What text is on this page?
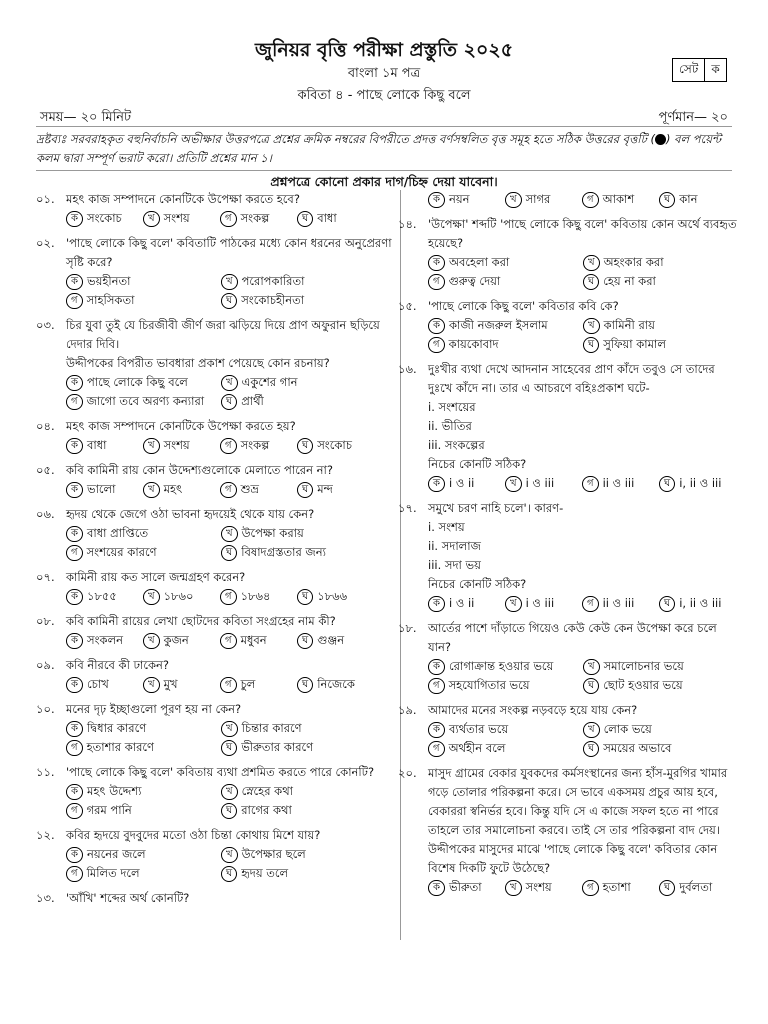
জুনিয়র বৃত্তি পরীক্ষা প্রস্তুতি ২০২৫
বাংলা ১ম পত্র
কবিতা ৪ - পাছে লোকে কিছু বলে
সেট	ক
সময়— ২০ মিনিট	পূর্ণমান— ২০
দ্রষ্টব্যঃ সরবরাহকৃত বহুনির্বাচনি অভীক্ষার উত্তরপত্রে প্রশ্নের ক্রমিক নম্বরের বিপরীতে প্রদত্ত বর্ণসম্বলিত বৃত্ত সমূহ হতে সঠিক উত্তরের বৃত্তটি ( ) বল পয়েন্ট কলম দ্বারা সম্পূর্ণ ভরাট করো। প্রতিটি প্রশ্নের মান ১।
প্রশ্নপত্রে কোনো প্রকার দাগ/চিহ্ন দেয়া যাবেনা।
০১. মহৎ কাজ সম্পাদনে কোনটিকে উপেক্ষা করতে হবে?
ক সংকোচ	খ সংশয়	গ সংকল্প	ঘ বাধা
০২. 'পাছে লোকে কিছু বলে' কবিতাটি পাঠকের মধ্যে কোন ধরনের অনুপ্রেরণা সৃষ্টি করে?
ক ভয়হীনতা	খ পরোপকারিতা
গ সাহসিকতা	ঘ সংকোচহীনতা
০৩. চির যুবা তুই যে চিরজীবী জীর্ণ জরা ঝড়িয়ে দিয়ে প্রাণ অফুরান ছড়িয়ে দেদার দিবি।
উদ্দীপকের বিপরীত ভাবধারা প্রকাশ পেয়েছে কোন রচনায়?
ক পাছে লোকে কিছু বলে	খ একুশের গান
গ জাগো তবে অরণ্য কন্যারা	ঘ প্রার্থী
০৪. মহৎ কাজ সম্পাদনে কোনটিকে উপেক্ষা করতে হয়?
ক বাধা	খ সংশয়	গ সংকল্প	ঘ সংকোচ
০৫. কবি কামিনী রায় কোন উদ্দেশ্যগুলোকে মেলাতে পারেন না?
ক ভালো	খ মহৎ	গ শুভ্র	ঘ মন্দ
০৬. হৃদয় থেকে জেগে ওঠা ভাবনা হৃদয়েই থেকে যায় কেন?
ক বাধা প্রাপ্তিতে	খ উপেক্ষা করায়
গ সংশয়ের কারণে	ঘ বিষাদগ্রস্ততার জন্য
০৭. কামিনী রায় কত সালে জন্মগ্রহণ করেন?
ক ১৮৫৫	খ ১৮৬০	গ ১৮৬৪	ঘ ১৮৬৬
০৮. কবি কামিনী রায়ের লেখা ছোটদের কবিতা সংগ্রহের নাম কী?
ক সংকলন	খ কুজন	গ মধুবন	ঘ গুঞ্জন
০৯. কবি নীরবে কী ঢাকেন?
ক চোখ	খ মুখ	গ চুল	ঘ নিজেকে
১০. মনের দৃঢ় ইচ্ছাগুলো পূরণ হয় না কেন?
ক দ্বিধার কারণে	খ চিন্তার কারণে
গ হতাশার কারণে	ঘ ভীরুতার কারণে
১১. 'পাছে লোকে কিছু বলে' কবিতায় ব্যথা প্রশমিত করতে পারে কোনটি?
ক মহৎ উদ্দেশ্য	খ স্নেহের কথা
গ গরম পানি	ঘ রাগের কথা
১২. কবির হৃদয়ে বুদবুদের মতো ওঠা চিন্তা কোথায় মিশে যায়?
ক নয়নের জলে	খ উপেক্ষার ছলে
গ মিলিত দলে	ঘ হৃদয় তলে
১৩. 'আঁখি' শব্দের অর্থ কোনটি?
ক নয়ন	খ সাগর	গ আকাশ	ঘ কান
১৪. 'উপেক্ষা' শব্দটি 'পাছে লোকে কিছু বলে' কবিতায় কোন অর্থে ব্যবহৃত হয়েছে?
ক অবহেলা করা	খ অহংকার করা
গ গুরুত্ব দেয়া	ঘ হেয় না করা
১৫. 'পাছে লোকে কিছু বলে' কবিতার কবি কে?
ক কাজী নজরুল ইসলাম	খ কামিনী রায়
গ কায়কোবাদ	ঘ সুফিয়া কামাল
১৬. দুঃখীর ব্যথা দেখে আদনান সাহেবের প্রাণ কাঁদে তবুও সে তাদের দুঃখে কাঁদে না। তার এ আচরণে বহিঃপ্রকাশ ঘটে-
i. সংশয়ের
ii. ভীতির
iii. সংকল্পের
নিচের কোনটি সঠিক?
ক i ও ii	খ i ও iii	গ ii ও iii	ঘ i, ii ও iii
১৭. সমুখে চরণ নাহি চলে'। কারণ-
i. সংশয়
ii. সদালাজ
iii. সদা ভয়
নিচের কোনটি সঠিক?
ক i ও ii	খ i ও iii	গ ii ও iii	ঘ i, ii ও iii
১৮. আর্তের পাশে দাঁড়াতে গিয়েও কেউ কেউ কেন উপেক্ষা করে চলে যান?
ক রোগাক্রান্ত হওয়ার ভয়ে	খ সমালোচনার ভয়ে
গ সহযোগিতার ভয়ে	ঘ ছোট হওয়ার ভয়ে
১৯. আমাদের মনের সংকল্প নড়বড়ে হয়ে যায় কেন?
ক ব্যর্থতার ভয়ে	খ লোক ভয়ে
গ অর্থহীন বলে	ঘ সময়ের অভাবে
২০. মাসুদ গ্রামের বেকার যুবকদের কর্মসংস্থানের জন্য হাঁস-মুরগির খামার গড়ে তোলার পরিকল্পনা করে। সে ভাবে একসময় প্রচুর আয় হবে, বেকাররা স্বনির্ভর হবে। কিন্তু যদি সে এ কাজে সফল হতে না পারে তাহলে তার সমালোচনা করবে। তাই সে তার পরিকল্পনা বাদ দেয়।
উদ্দীপকের মাসুদের মাঝে 'পাছে লোকে কিছু বলে' কবিতার কোন বিশেষ দিকটি ফুটে উঠেছে?
ক ভীরুতা	খ সংশয়	গ হতাশা	ঘ দুর্বলতা
